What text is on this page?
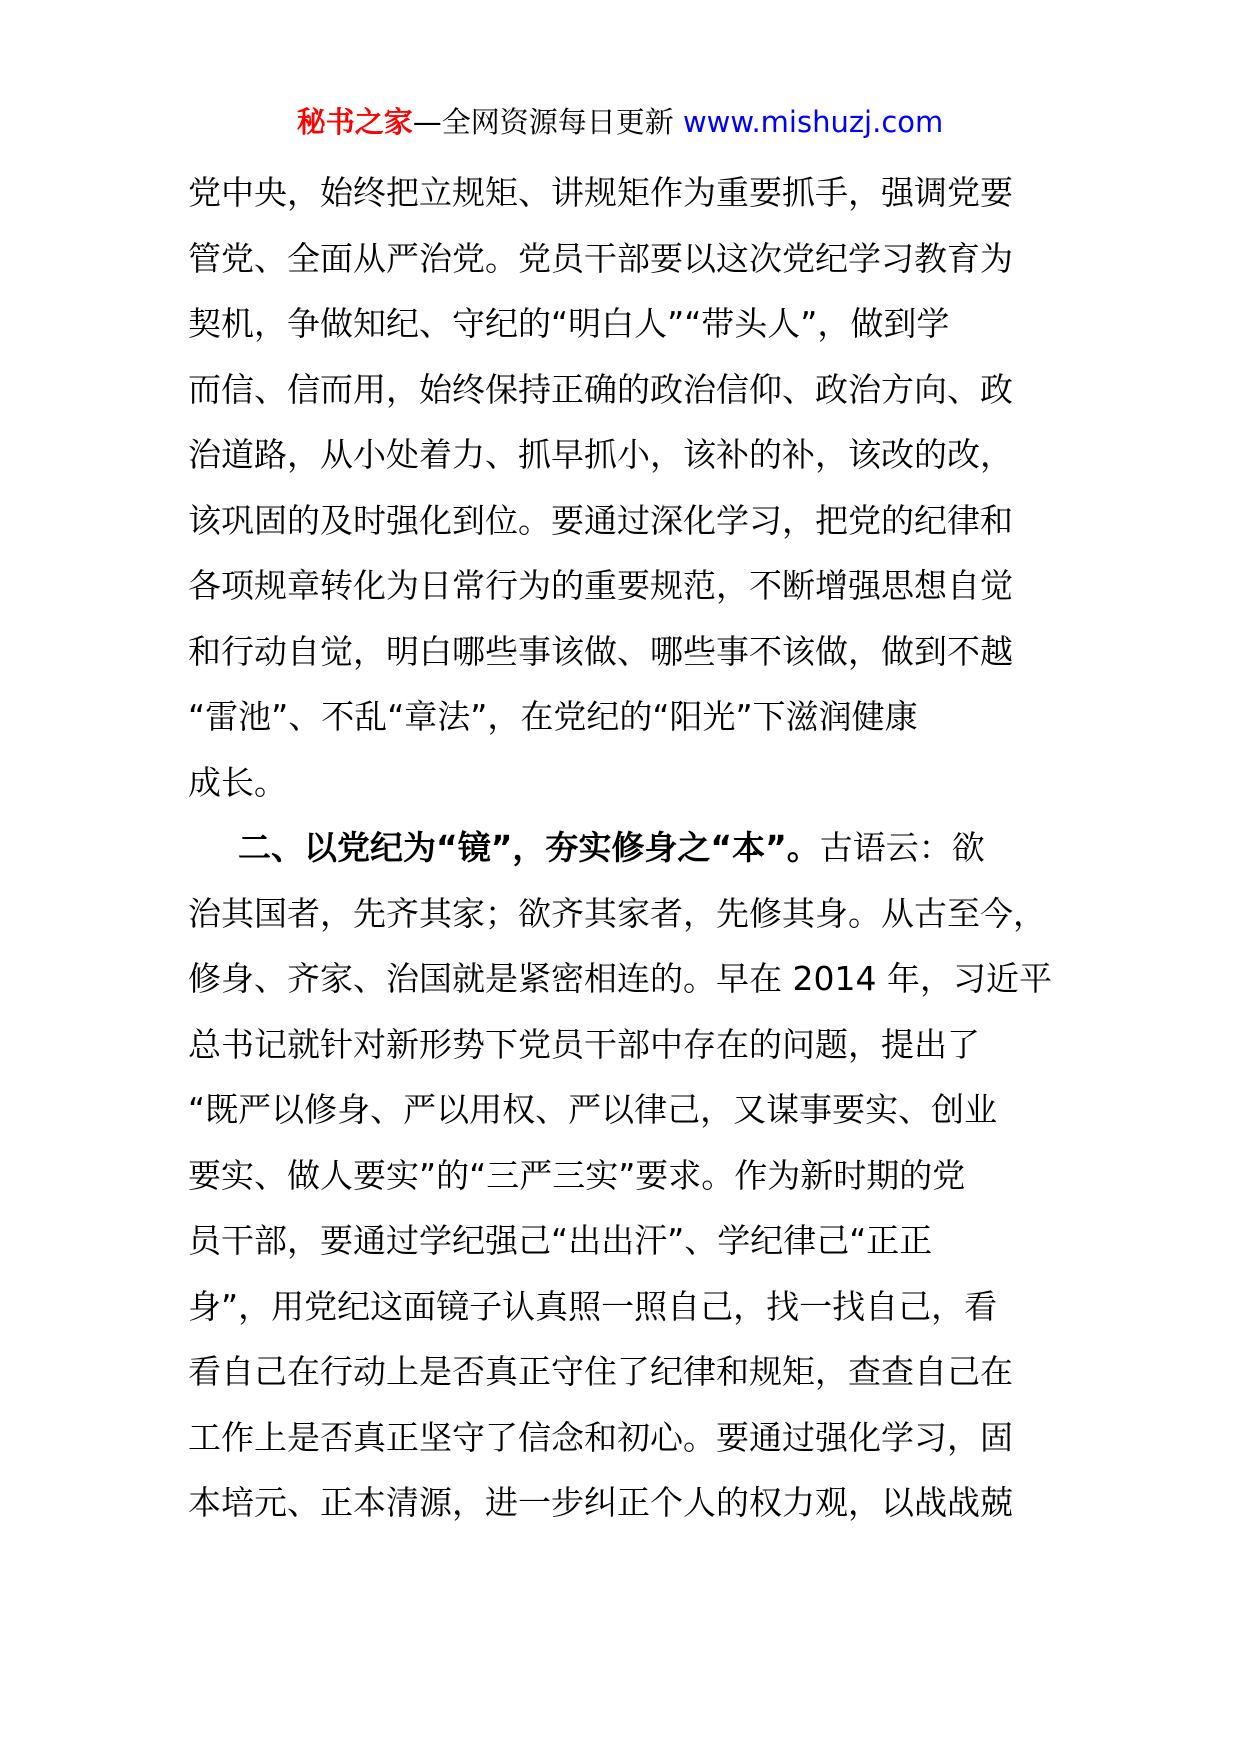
秘书之家—全网资源每日更新 www.mishuzj.com
党中央，始终把立规矩、讲规矩作为重要抓手，强调党要
管党、全面从严治党。党员干部要以这次党纪学习教育为
契机，争做知纪、守纪的“明白人”“带头人”，做到学
而信、信而用，始终保持正确的政治信仰、政治方向、政
治道路，从小处着力、抓早抓小，该补的补，该改的改，
该巩固的及时强化到位。要通过深化学习，把党的纪律和
各项规章转化为日常行为的重要规范，不断增强思想自觉
和行动自觉，明白哪些事该做、哪些事不该做，做到不越
“雷池”、不乱“章法”，在党纪的“阳光”下滋润健康
成长。
二、以党纪为“镜”，夯实修身之“本”。古语云：欲
治其国者，先齐其家；欲齐其家者，先修其身。从古至今，
修身、齐家、治国就是紧密相连的。早在 2014 年，习近平
总书记就针对新形势下党员干部中存在的问题，提出了
“既严以修身、严以用权、严以律己，又谋事要实、创业
要实、做人要实”的“三严三实”要求。作为新时期的党
员干部，要通过学纪强己“出出汗”、学纪律己“正正
身”，用党纪这面镜子认真照一照自己，找一找自己，看
看自己在行动上是否真正守住了纪律和规矩，查查自己在
工作上是否真正坚守了信念和初心。要通过强化学习，固
本培元、正本清源，进一步纠正个人的权力观，以战战兢
